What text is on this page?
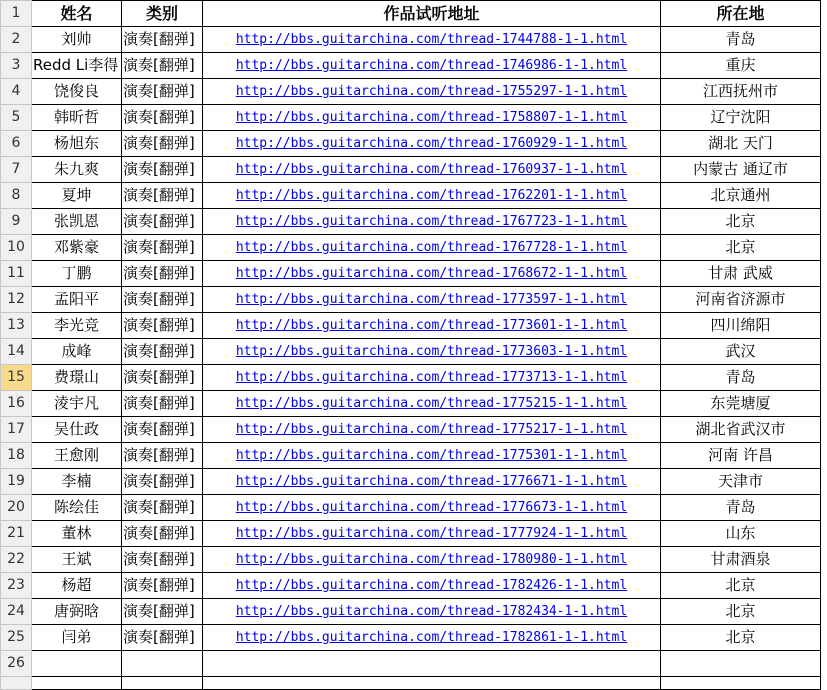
1	姓名	类别	作品试听地址	所在地
2	刘帅	演奏[翻弹]	http://bbs.guitarchina.com/thread-1744788-1-1.html	青岛
3	Redd Li李得	演奏[翻弹]	http://bbs.guitarchina.com/thread-1746986-1-1.html	重庆
4	饶俊良	演奏[翻弹]	http://bbs.guitarchina.com/thread-1755297-1-1.html	江西抚州市
5	韩昕哲	演奏[翻弹]	http://bbs.guitarchina.com/thread-1758807-1-1.html	辽宁沈阳
6	杨旭东	演奏[翻弹]	http://bbs.guitarchina.com/thread-1760929-1-1.html	湖北 天门
7	朱九爽	演奏[翻弹]	http://bbs.guitarchina.com/thread-1760937-1-1.html	内蒙古 通辽市
8	夏坤	演奏[翻弹]	http://bbs.guitarchina.com/thread-1762201-1-1.html	北京通州
9	张凯恩	演奏[翻弹]	http://bbs.guitarchina.com/thread-1767723-1-1.html	北京
10	邓紫豪	演奏[翻弹]	http://bbs.guitarchina.com/thread-1767728-1-1.html	北京
11	丁鹏	演奏[翻弹]	http://bbs.guitarchina.com/thread-1768672-1-1.html	甘肃 武威
12	孟阳平	演奏[翻弹]	http://bbs.guitarchina.com/thread-1773597-1-1.html	河南省济源市
13	李光竞	演奏[翻弹]	http://bbs.guitarchina.com/thread-1773601-1-1.html	四川绵阳
14	成峰	演奏[翻弹]	http://bbs.guitarchina.com/thread-1773603-1-1.html	武汉
15	费璟山	演奏[翻弹]	http://bbs.guitarchina.com/thread-1773713-1-1.html	青岛
16	淩宇凡	演奏[翻弹]	http://bbs.guitarchina.com/thread-1775215-1-1.html	东莞塘厦
17	吴仕政	演奏[翻弹]	http://bbs.guitarchina.com/thread-1775217-1-1.html	湖北省武汉市
18	王愈刚	演奏[翻弹]	http://bbs.guitarchina.com/thread-1775301-1-1.html	河南 许昌
19	李楠	演奏[翻弹]	http://bbs.guitarchina.com/thread-1776671-1-1.html	天津市
20	陈绘佳	演奏[翻弹]	http://bbs.guitarchina.com/thread-1776673-1-1.html	青岛
21	董林	演奏[翻弹]	http://bbs.guitarchina.com/thread-1777924-1-1.html	山东
22	王斌	演奏[翻弹]	http://bbs.guitarchina.com/thread-1780980-1-1.html	甘肃酒泉
23	杨超	演奏[翻弹]	http://bbs.guitarchina.com/thread-1782426-1-1.html	北京
24	唐弼晗	演奏[翻弹]	http://bbs.guitarchina.com/thread-1782434-1-1.html	北京
25	闫弟	演奏[翻弹]	http://bbs.guitarchina.com/thread-1782861-1-1.html	北京
26				
